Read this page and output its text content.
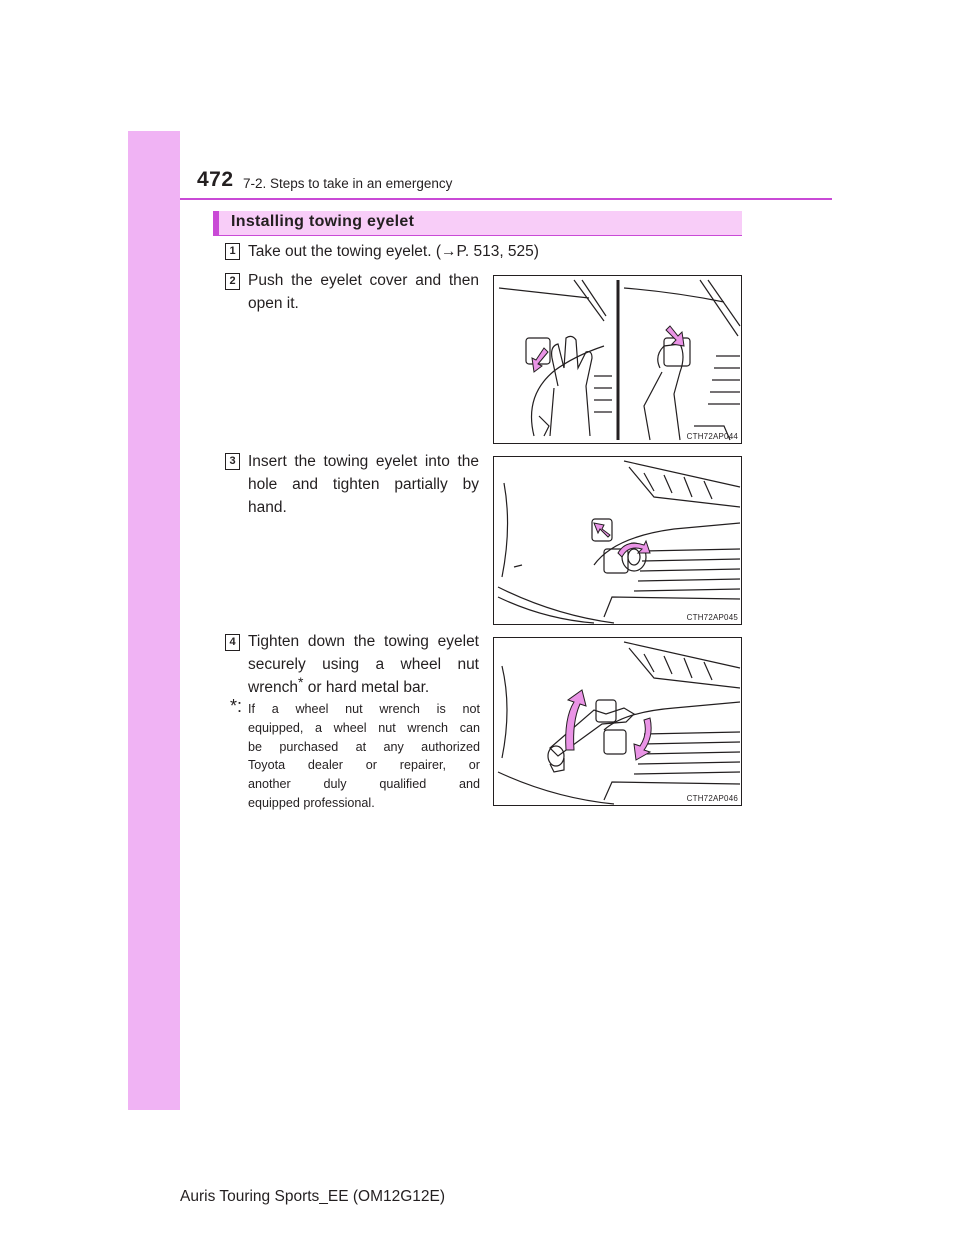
472 7-2. Steps to take in an emergency
Installing towing eyelet
1 Take out the towing eyelet. (→P. 513, 525)
2 Push the eyelet cover and then
open it.
3 Insert the towing eyelet into the
hole and tighten partially by
hand.
4 Tighten down the towing eyelet
securely using a wheel nut
wrench* or hard metal bar.
*: If a wheel nut wrench is not
equipped, a wheel nut wrench can
be purchased at any authorized
Toyota dealer or repairer, or
another duly qualified and
equipped professional.
CTH72AP044
CTH72AP045
CTH72AP046
Auris Touring Sports_EE (OM12G12E)
